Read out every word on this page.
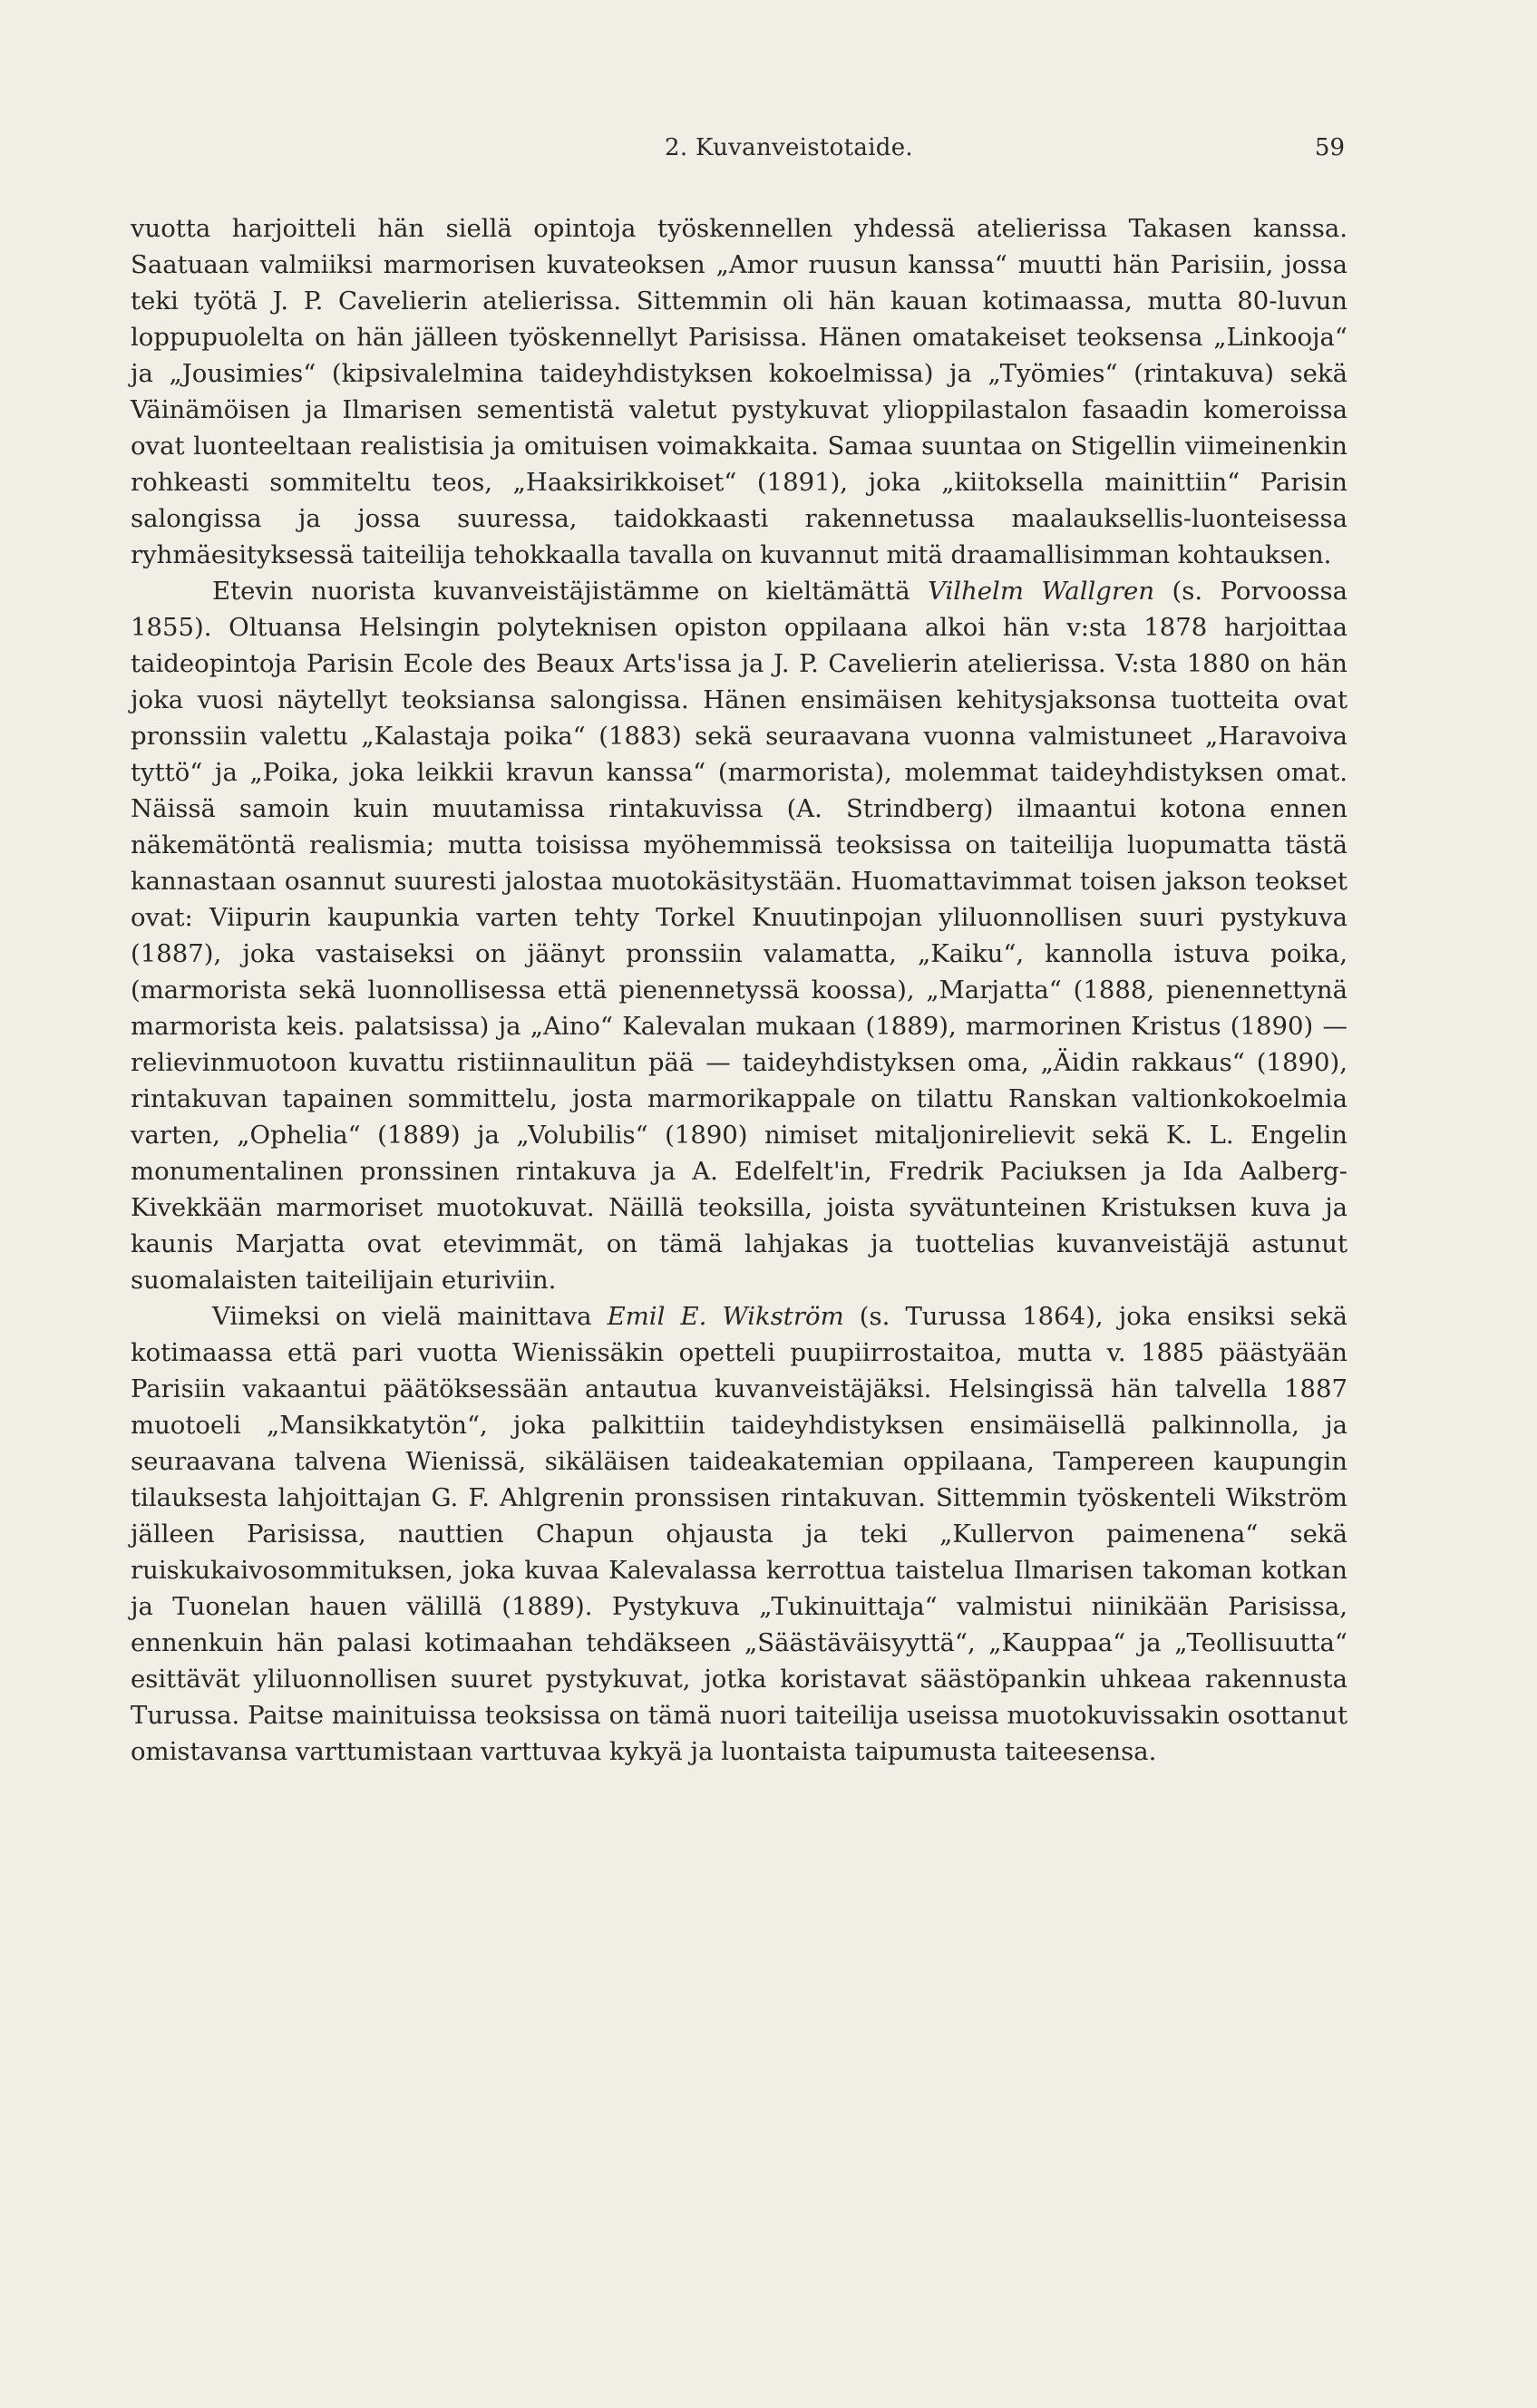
2. Kuvanveistotaide.	59

vuotta harjoitteli hän siellä opintoja työskennellen yhdessä atelierissa Takasen kanssa. Saatuaan valmiiksi marmorisen kuvateoksen „Amor ruusun kanssa“ muutti hän Parisiin, jossa teki työtä J. P. Cavelierin atelierissa. Sittemmin oli hän kauan kotimaassa, mutta 80-luvun loppupuolelta on hän jälleen työskennellyt Parisissa. Hänen omatakeiset teoksensa „Linkooja“ ja „Jousimies“ (kipsivalelmina taideyhdistyksen kokoelmissa) ja „Työmies“ (rintakuva) sekä Väinämöisen ja Ilmarisen sementistä valetut pystykuvat ylioppilastalon fasaadin komeroissa ovat luonteeltaan realistisia ja omituisen voimakkaita. Samaa suuntaa on Stigellin viimeinenkin rohkeasti sommiteltu teos, „Haaksirikkoiset“ (1891), joka „kiitoksella mainittiin“ Parisin salongissa ja jossa suuressa, taidokkaasti rakennetussa maalauksellis-luonteisessa ryhmäesityksessä taiteilija tehokkaalla tavalla on kuvannut mitä draamallisimman kohtauksen.

Etevin nuorista kuvanveistäjistämme on kieltämättä Vilhelm Wallgren (s. Porvoossa 1855). Oltuansa Helsingin polyteknisen opiston oppilaana alkoi hän v:sta 1878 harjoittaa taideopintoja Parisin Ecole des Beaux Arts'issa ja J. P. Cavelierin atelierissa. V:sta 1880 on hän joka vuosi näytellyt teoksiansa salongissa. Hänen ensimäisen kehitysjaksonsa tuotteita ovat pronssiin valettu „Kalastaja poika“ (1883) sekä seuraavana vuonna valmistuneet „Haravoiva tyttö“ ja „Poika, joka leikkii kravun kanssa“ (marmorista), molemmat taideyhdistyksen omat. Näissä samoin kuin muutamissa rintakuvissa (A. Strindberg) ilmaantui kotona ennen näkemätöntä realismia; mutta toisissa myöhemmissä teoksissa on taiteilija luopumatta tästä kannastaan osannut suuresti jalostaa muotokäsitystään. Huomattavimmat toisen jakson teokset ovat: Viipurin kaupunkia varten tehty Torkel Knuutinpojan yliluonnollisen suuri pystykuva (1887), joka vastaiseksi on jäänyt pronssiin valamatta, „Kaiku“, kannolla istuva poika, (marmorista sekä luonnollisessa että pienennetyssä koossa), „Marjatta“ (1888, pienennettynä marmorista keis. palatsissa) ja „Aino“ Kalevalan mukaan (1889), marmorinen Kristus (1890) — relievinmuotoon kuvattu ristiinnaulitun pää — taideyhdistyksen oma, „Äidin rakkaus“ (1890), rintakuvan tapainen sommittelu, josta marmorikappale on tilattu Ranskan valtionkokoelmia varten, „Ophelia“ (1889) ja „Volubilis“ (1890) nimiset mitaljonirelievit sekä K. L. Engelin monumentalinen pronssinen rintakuva ja A. Edelfelt'in, Fredrik Paciuksen ja Ida Aalberg-Kivekkään marmoriset muotokuvat. Näillä teoksilla, joista syvätunteinen Kristuksen kuva ja kaunis Marjatta ovat etevimmät, on tämä lahjakas ja tuottelias kuvanveistäjä astunut suomalaisten taiteilijain eturiviin.

Viimeksi on vielä mainittava Emil E. Wikström (s. Turussa 1864), joka ensiksi sekä kotimaassa että pari vuotta Wienissäkin opetteli puupiirrostaitoa, mutta v. 1885 päästyään Parisiin vakaantui päätöksessään antautua kuvanveistäjäksi. Helsingissä hän talvella 1887 muotoeli „Mansikkatytön“, joka palkittiin taideyhdistyksen ensimäisellä palkinnolla, ja seuraavana talvena Wienissä, sikäläisen taideakatemian oppilaana, Tampereen kaupungin tilauksesta lahjoittajan G. F. Ahlgrenin pronssisen rintakuvan. Sittemmin työskenteli Wikström jälleen Parisissa, nauttien Chapun ohjausta ja teki „Kullervon paimenena“ sekä ruiskukaivosommituksen, joka kuvaa Kalevalassa kerrottua taistelua Ilmarisen takoman kotkan ja Tuonelan hauen välillä (1889). Pystykuva „Tukinuittaja“ valmistui niinikään Parisissa, ennenkuin hän palasi kotimaahan tehdäkseen „Säästäväisyyttä“, „Kauppaa“ ja „Teollisuutta“ esittävät yliluonnollisen suuret pystykuvat, jotka koristavat säästöpankin uhkeaa rakennusta Turussa. Paitse mainituissa teoksissa on tämä nuori taiteilija useissa muotokuvissakin osottanut omistavansa varttumistaan varttuvaa kykyä ja luontaista taipumusta taiteesensa.
